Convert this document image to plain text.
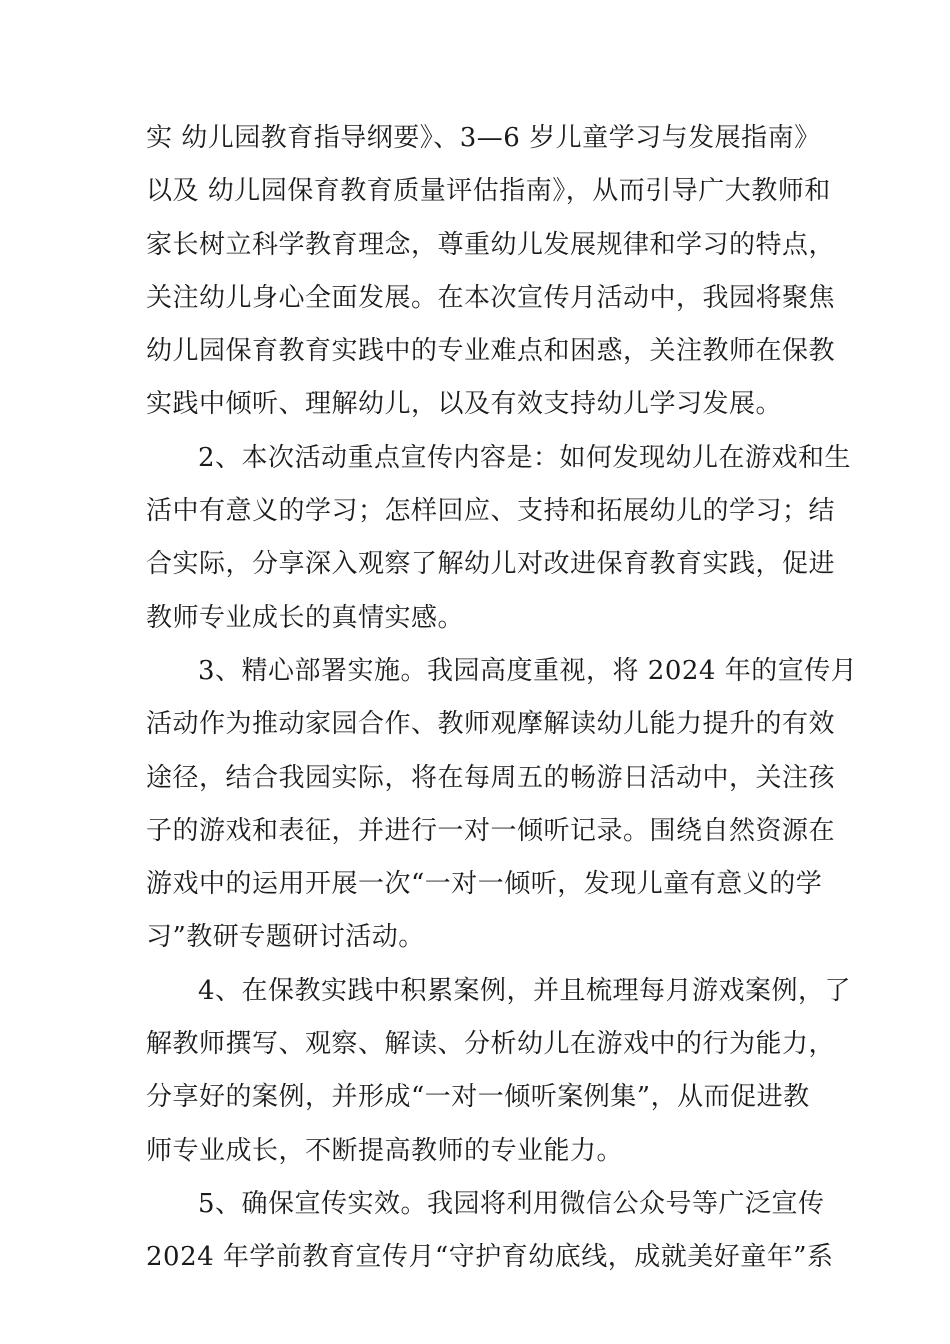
实 幼儿园教育指导纲要》、3—6 岁儿童学习与发展指南》
以及 幼儿园保育教育质量评估指南》，从而引导广大教师和
家长树立科学教育理念，尊重幼儿发展规律和学习的特点，
关注幼儿身心全面发展。在本次宣传月活动中，我园将聚焦
幼儿园保育教育实践中的专业难点和困惑，关注教师在保教
实践中倾听、理解幼儿，以及有效支持幼儿学习发展。
2、本次活动重点宣传内容是：如何发现幼儿在游戏和生
活中有意义的学习；怎样回应、支持和拓展幼儿的学习；结
合实际，分享深入观察了解幼儿对改进保育教育实践，促进
教师专业成长的真情实感。
3、精心部署实施。我园高度重视，将 2024 年的宣传月
活动作为推动家园合作、教师观摩解读幼儿能力提升的有效
途径，结合我园实际，将在每周五的畅游日活动中，关注孩
子的游戏和表征，并进行一对一倾听记录。围绕自然资源在
游戏中的运用开展一次“一对一倾听，发现儿童有意义的学
习”教研专题研讨活动。
4、在保教实践中积累案例，并且梳理每月游戏案例，了
解教师撰写、观察、解读、分析幼儿在游戏中的行为能力，
分享好的案例，并形成“一对一倾听案例集”，从而促进教
师专业成长，不断提高教师的专业能力。
5、确保宣传实效。我园将利用微信公众号等广泛宣传
2024 年学前教育宣传月“守护育幼底线，成就美好童年”系
